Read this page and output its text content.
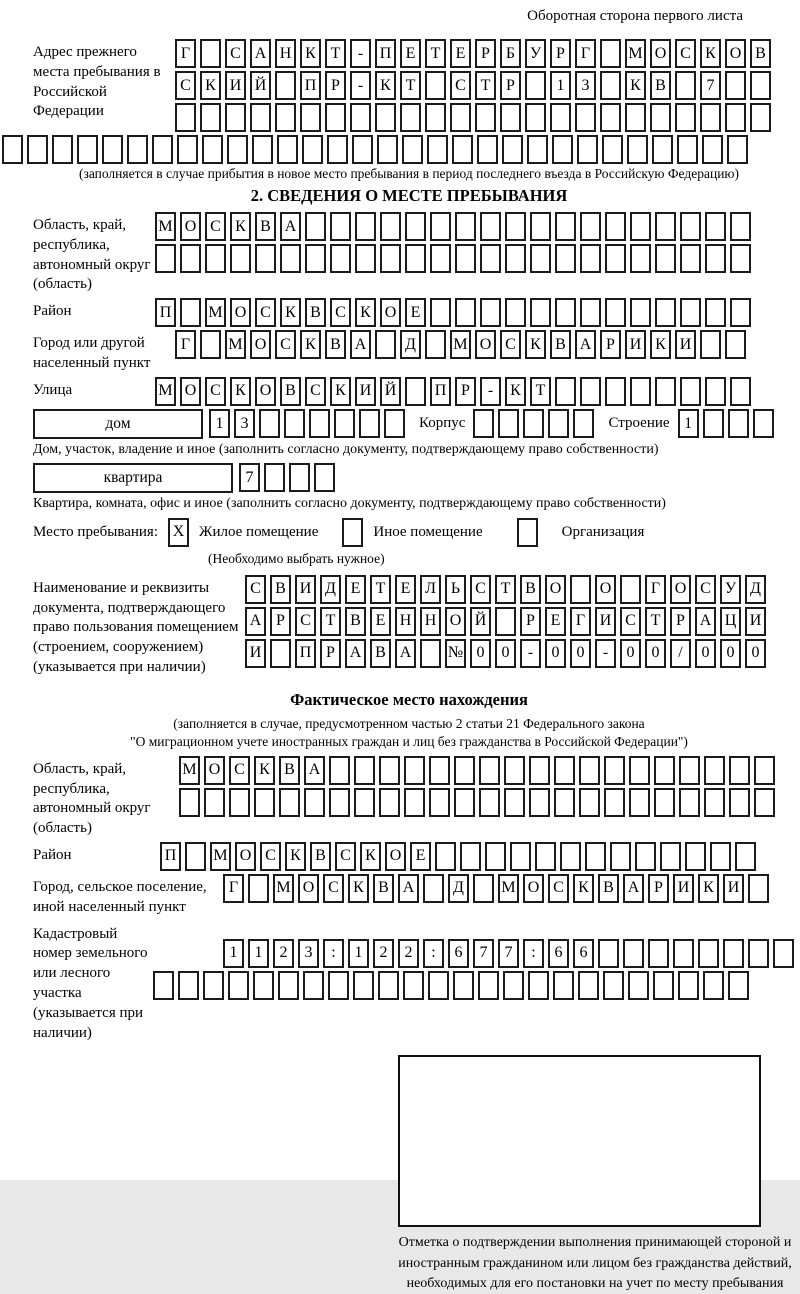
Оборотная сторона первого листа
Адрес прежнего места пребывания в Российской Федерации
Г	С А Н К Т	-	П Е Т Е Р Б У Р Г	М О С К О В
С К И Й П Р	-	К Т	С Т Р	1	3	К В	7
(заполняется в случае прибытия в новое место пребывания в период последнего въезда в Российскую Федерацию)
2. СВЕДЕНИЯ О МЕСТЕ ПРЕБЫВАНИЯ
Область, край, республика, автономный округ (область)
М О С К В А
Район	П М О С К В С К О Е
Город или другой населенный пункт
Г	М О С К В А	Д	М О С К В А Р И К И
Улица	М О С К О В С К И Й П Р	-	К Т
дом	1	3	Корпус	Строение 1
Дом, участок, владение и иное (заполнить согласно документу, подтверждающему право собственности)
квартира	7
Квартира, комната, офис и иное (заполнить согласно документу, подтверждающему право собственности)
Место пребывания: X Жилое помещение	Иное помещение	Организация
(Необходимо выбрать нужное)
Наименование и реквизиты документа, подтверждающего право пользования помещением (строением, сооружением) (указывается при наличии)
С В И Д Е Т Е Л Ь С Т В О О	Г О С У Д
А Р С Т В Е Н Н О Й	Р Е Г И С Т Р А Ц И
И П Р А В А № 0	0	-	0	0	-	0	0	/	0	0	0
Фактическое место нахождения
(заполняется в случае, предусмотренном частью 2 статьи 21 Федерального закона
"О миграционном учете иностранных граждан и лиц без гражданства в Российской Федерации")
Область, край, республика, автономный округ (область)
М О С К В А
Район	П М О С К В С К О Е
Город, сельское поселение, иной населенный пункт
Г	М О С К В А	Д	М О С К В А Р И К И
Кадастровый номер земельного или лесного участка (указывается при наличии)
1	1	2	3	:	1	2	2	:	6	7	7	:	6	6
Отметка о подтверждении выполнения принимающей стороной и иностранным гражданином или лицом без гражданства действий, необходимых для его постановки на учет по месту пребывания
